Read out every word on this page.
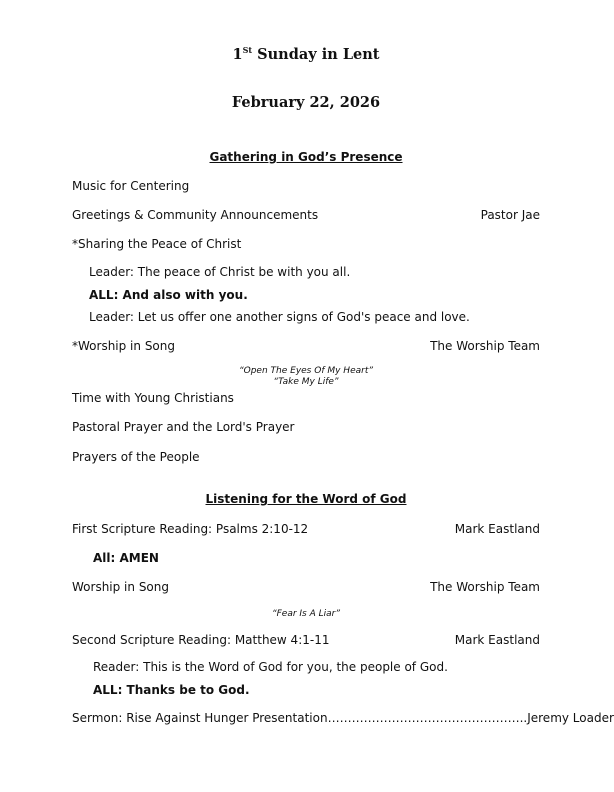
1St Sunday in Lent
February 22, 2026
Gathering in God’s Presence
Music for Centering
Greetings & Community Announcements	Pastor Jae
*Sharing the Peace of Christ
Leader: The peace of Christ be with you all.
ALL: And also with you.
Leader: Let us offer one another signs of God's peace and love.
*Worship in Song	The Worship Team
“Open The Eyes Of My Heart”
“Take My Life”
Time with Young Christians
Pastoral Prayer and the Lord's Prayer
Prayers of the People
Listening for the Word of God
First Scripture Reading: Psalms 2:10-12	Mark Eastland
All: AMEN
Worship in Song	The Worship Team
“Fear Is A Liar”
Second Scripture Reading: Matthew 4:1-11	Mark Eastland
Reader: This is the Word of God for you, the people of God.
ALL: Thanks be to God.
Sermon: Rise Against Hunger Presentation ………………………………………….. Jeremy Loader
